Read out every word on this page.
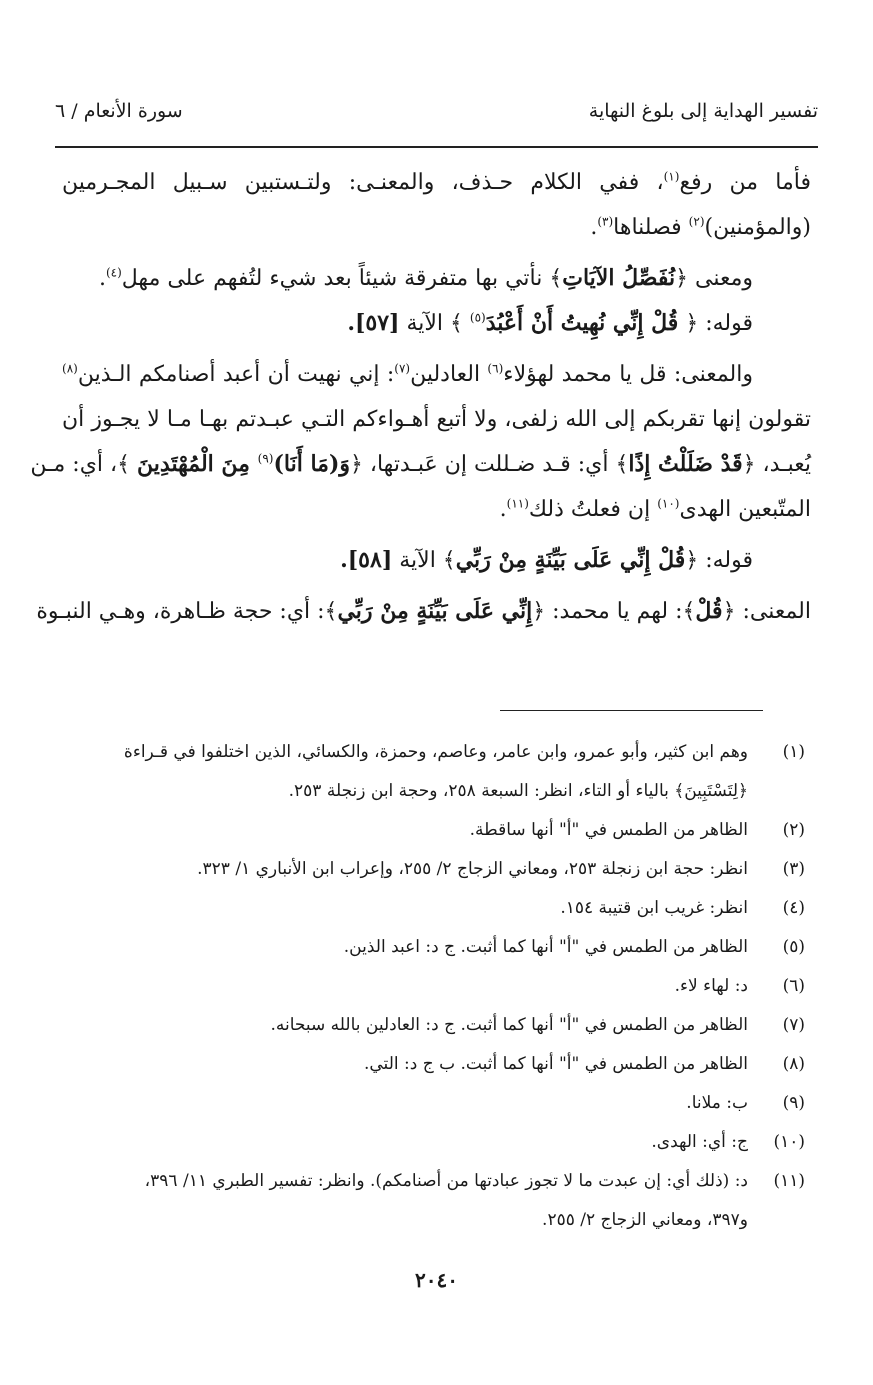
تفسير الهداية إلى بلوغ النهاية
سورة الأنعام / ٦
فأما من رفع$^{(١)}$، ففي الكلام حـذف، والمعنـى: ولتـستبين سـبيل المجـرمين
(والمؤمنين)$^{(٢)}$ فصلناها$^{(٣)}$.
ومعنى ﴿نُفَصِّلُ الآيَاتِ﴾ نأتي بها متفرقة شيئاً بعد شيء لتُفهم على مهل$^{(٤)}$.
قوله: ﴿ قُلْ إِنِّي نُهِيتُ أَنْ أَعْبُدَ$^{(٥)}$ ﴾ الآية [٥٧].
والمعنى: قل يا محمد لهؤلاء$^{(٦)}$ العادلين$^{(٧)}$: إني نهيت أن أعبد أصنامكم الـذين$^{(٨)}$
تقولون إنها تقربكم إلى الله زلفى، ولا أتبع أهـواءكم التـي عبـدتم بهـا مـا لا يجـوز أن
يُعبـد، ﴿قَدْ ضَلَلْتُ إِذًا﴾ أي: قـد ضـللت إن عَبـدتها، ﴿وَ(مَا أَنَا)$^{(٩)}$ مِنَ الْمُهْتَدِينَ ﴾، أي: مـن
المتّبعين الهدى$^{(١٠)}$ إن فعلتُ ذلك$^{(١١)}$.
قوله: ﴿قُلْ إِنِّي عَلَى بَيِّنَةٍ مِنْ رَبِّي﴾ الآية [٥٨].
المعنى: ﴿قُلْ﴾: لهم يا محمد: ﴿إِنِّي عَلَى بَيِّنَةٍ مِنْ رَبِّي﴾: أي: حجة ظـاهرة، وهـي النبـوة
(١)
وهم ابن كثير، وأبو عمرو، وابن عامر، وعاصم، وحمزة، والكسائي، الذين اختلفوا في قـراءة
﴿لِتَسْتَبِينَ﴾ بالياء أو التاء، انظر: السبعة ٢٥٨، وحجة ابن زنجلة ٢٥٣.
(٢)
الظاهر من الطمس في "أ" أنها ساقطة.
(٣)
انظر: حجة ابن زنجلة ٢٥٣، ومعاني الزجاج ٢/ ٢٥٥، وإعراب ابن الأنباري ١/ ٣٢٣.
(٤)
انظر: غريب ابن قتيبة ١٥٤.
(٥)
الظاهر من الطمس في "أ" أنها كما أثبت. ج د: اعبد الذين.
(٦)
د: لهاء لاء.
(٧)
الظاهر من الطمس في "أ" أنها كما أثبت. ج د: العادلين بالله سبحانه.
(٨)
الظاهر من الطمس في "أ" أنها كما أثبت. ب ج د: التي.
(٩)
ب: ملانا.
(١٠)
ج: أي: الهدى.
(١١)
د: (ذلك أي: إن عبدت ما لا تجوز عبادتها من أصنامكم). وانظر: تفسير الطبري ١١/ ٣٩٦،
و٣٩٧، ومعاني الزجاج ٢/ ٢٥٥.
٢٠٤٠
